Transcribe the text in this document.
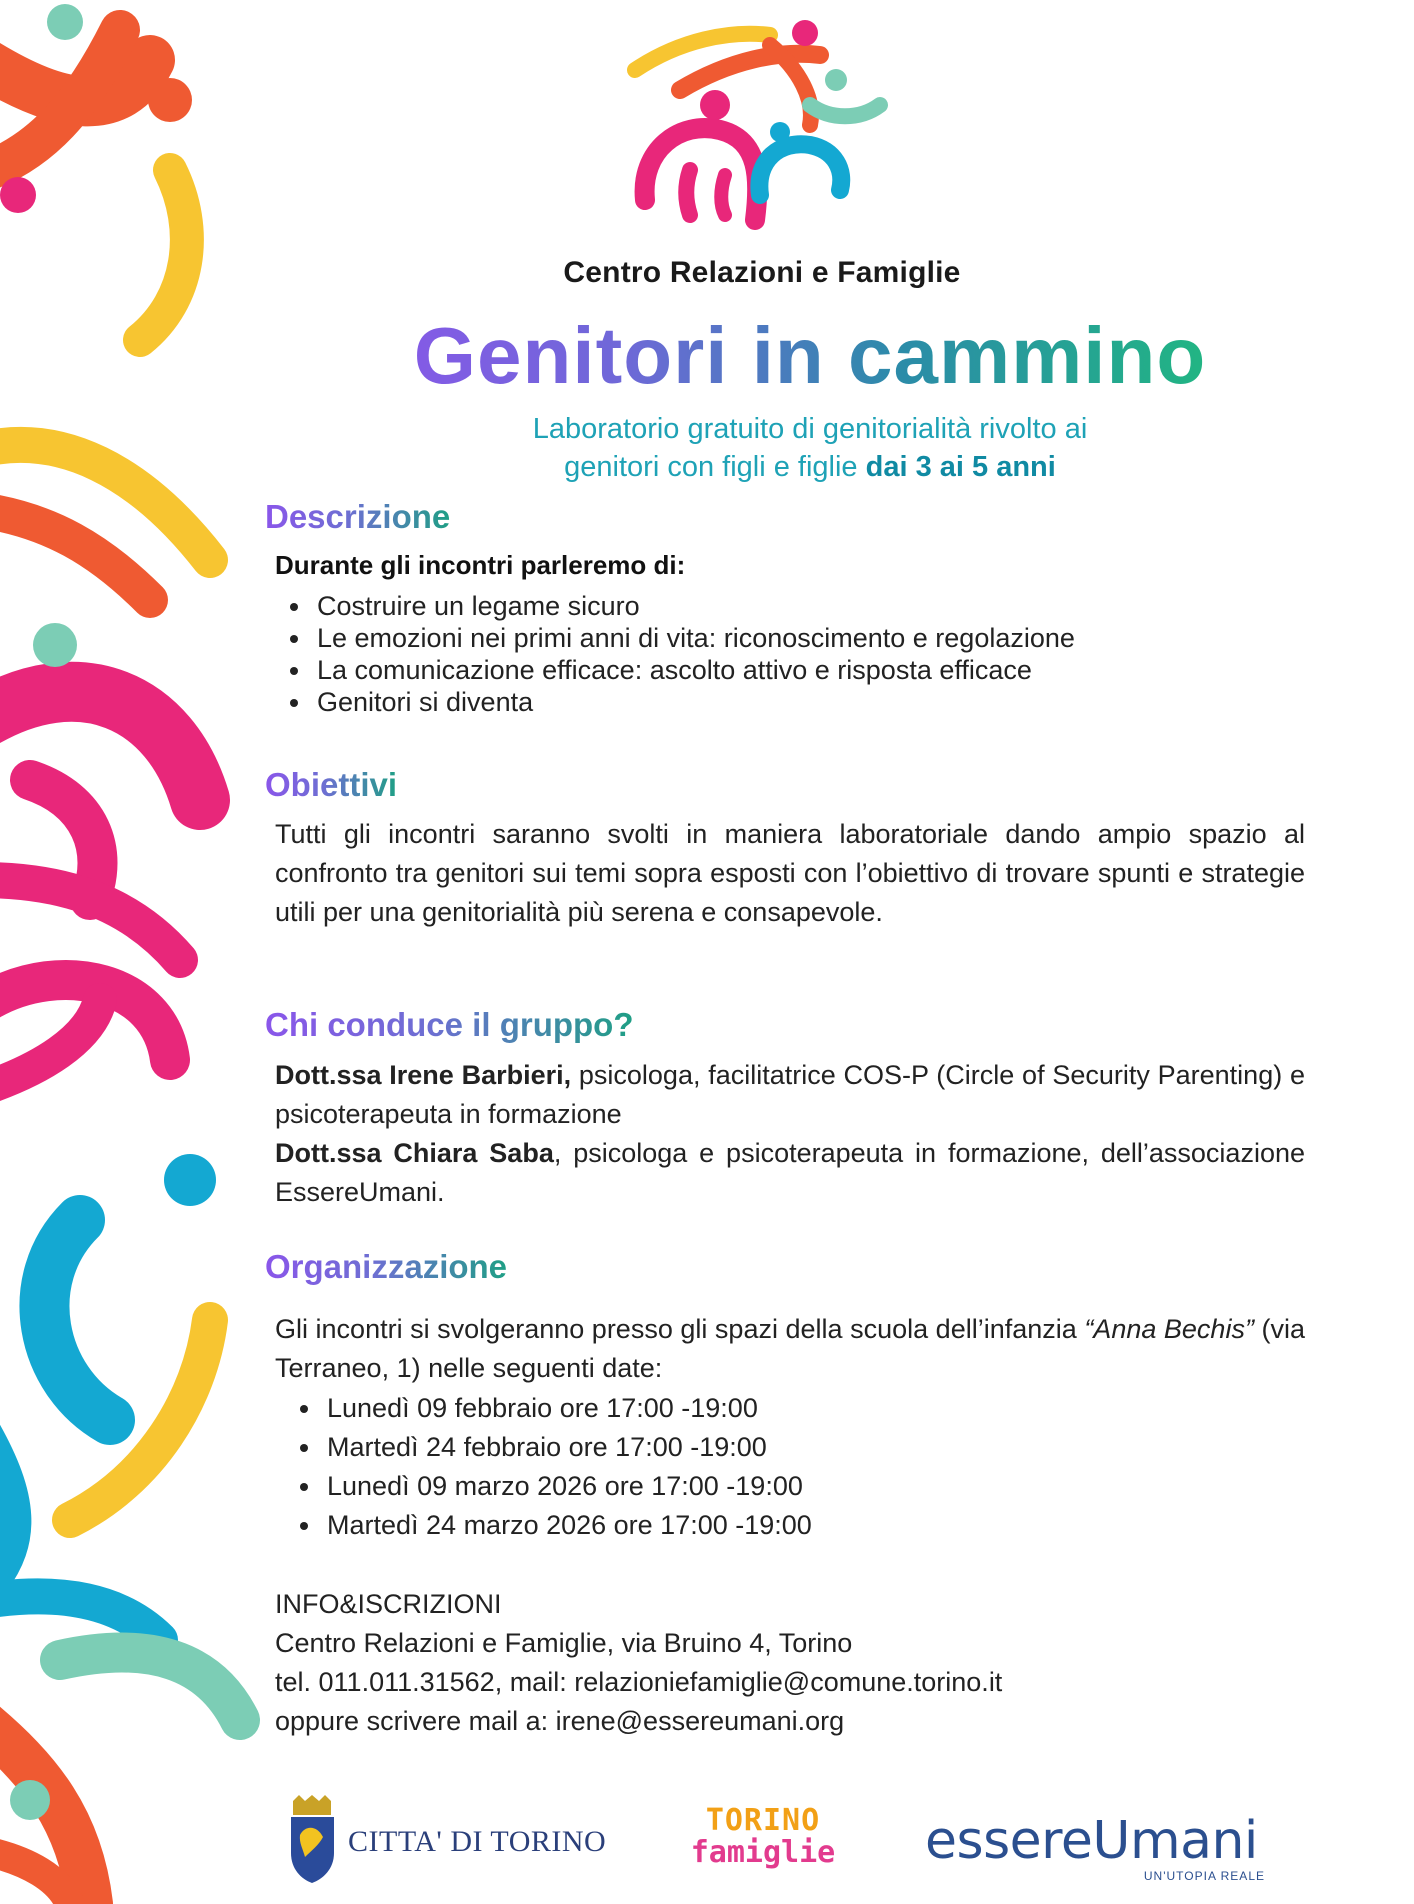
Centro Relazioni e Famiglie
Genitori in cammino
Laboratorio gratuito di genitorialità rivolto ai
genitori con figli e figlie dai 3 ai 5 anni
Descrizione
Durante gli incontri parleremo di:
• Costruire un legame sicuro
• Le emozioni nei primi anni di vita: riconoscimento e regolazione
• La comunicazione efficace: ascolto attivo e risposta efficace
• Genitori si diventa
Obiettivi
Tutti gli incontri saranno svolti in maniera laboratoriale dando ampio spazio al confronto tra genitori sui temi sopra esposti con l’obiettivo di trovare spunti e strategie utili per una genitorialità più serena e consapevole.
Chi conduce il gruppo?
Dott.ssa Irene Barbieri, psicologa, facilitatrice COS-P (Circle of Security Parenting) e psicoterapeuta in formazione
Dott.ssa Chiara Saba, psicologa e psicoterapeuta in formazione, dell’associazione EssereUmani.
Organizzazione
Gli incontri si svolgeranno presso gli spazi della scuola dell’infanzia “Anna Bechis” (via Terraneo, 1) nelle seguenti date:
• Lunedì 09 febbraio ore 17:00 -19:00
• Martedì 24 febbraio ore 17:00 -19:00
• Lunedì 09 marzo 2026 ore 17:00 -19:00
• Martedì 24 marzo 2026 ore 17:00 -19:00
INFO&ISCRIZIONI
Centro Relazioni e Famiglie, via Bruino 4, Torino
tel. 011.011.31562, mail: relazioniefamiglie@comune.torino.it
oppure scrivere mail a: irene@essereumani.org
CITTA' DI TORINO
TORINO
famiglie essereUmani
UN'UTOPIA REALE
